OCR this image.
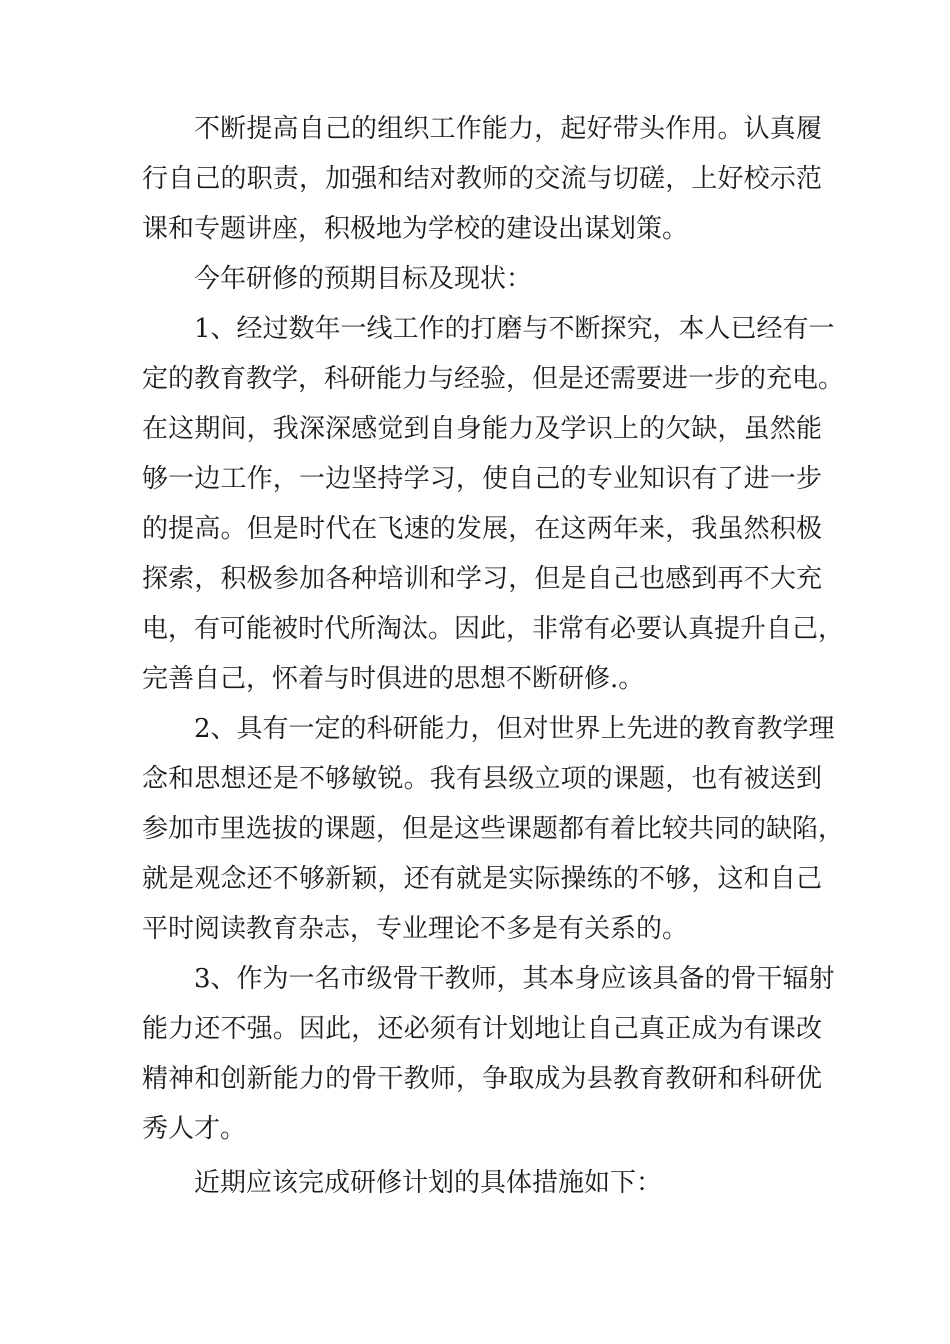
不断提高自己的组织工作能力，起好带头作用。认真履
行自己的职责，加强和结对教师的交流与切磋，上好校示范
课和专题讲座，积极地为学校的建设出谋划策。
今年研修的预期目标及现状：
1、经过数年一线工作的打磨与不断探究，本人已经有一
定的教育教学，科研能力与经验，但是还需要进一步的充电。
在这期间，我深深感觉到自身能力及学识上的欠缺，虽然能
够一边工作，一边坚持学习，使自己的专业知识有了进一步
的提高。但是时代在飞速的发展，在这两年来，我虽然积极
探索，积极参加各种培训和学习，但是自己也感到再不大充
电，有可能被时代所淘汰。因此，非常有必要认真提升自己，
完善自己，怀着与时俱进的思想不断研修.。
2、具有一定的科研能力，但对世界上先进的教育教学理
念和思想还是不够敏锐。我有县级立项的课题，也有被送到
参加市里选拔的课题，但是这些课题都有着比较共同的缺陷，
就是观念还不够新颖，还有就是实际操练的不够，这和自己
平时阅读教育杂志，专业理论不多是有关系的。
3、作为一名市级骨干教师，其本身应该具备的骨干辐射
能力还不强。因此，还必须有计划地让自己真正成为有课改
精神和创新能力的骨干教师，争取成为县教育教研和科研优
秀人才。
近期应该完成研修计划的具体措施如下：
